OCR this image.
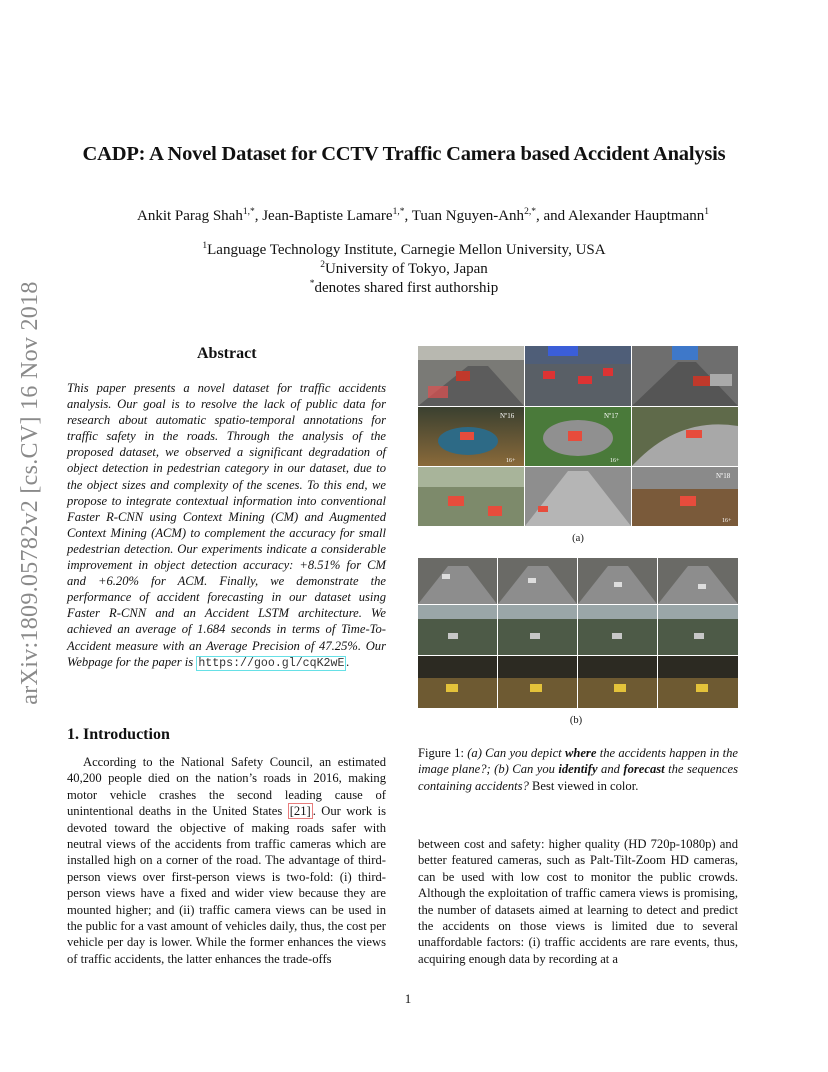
arXiv:1809.05782v2 [cs.CV] 16 Nov 2018
CADP: A Novel Dataset for CCTV Traffic Camera based Accident Analysis
Ankit Parag Shah$^{1,*}$, Jean-Baptiste Lamare$^{1,*}$, Tuan Nguyen-Anh$^{2,*}$, and Alexander Hauptmann$^1$
$^1$Language Technology Institute, Carnegie Mellon University, USA
$^2$University of Tokyo, Japan
*denotes shared first authorship
Abstract
This paper presents a novel dataset for traffic accidents analysis. Our goal is to resolve the lack of public data for research about automatic spatio-temporal annotations for traffic safety in the roads. Through the analysis of the proposed dataset, we observed a significant degradation of object detection in pedestrian category in our dataset, due to the object sizes and complexity of the scenes. To this end, we propose to integrate contextual information into conventional Faster R-CNN using Context Mining (CM) and Augmented Context Mining (ACM) to complement the accuracy for small pedestrian detection. Our experiments indicate a considerable improvement in object detection accuracy: +8.51% for CM and +6.20% for ACM. Finally, we demonstrate the performance of accident forecasting in our dataset using Faster R-CNN and an Accident LSTM architecture. We achieved an average of 1.684 seconds in terms of Time-To-Accident measure with an Average Precision of 47.25%. Our Webpage for the paper is https://goo.gl/cqK2wE .
1. Introduction

According to the National Safety Council, an estimated 40,200 people died on the nation’s roads in 2016, making motor vehicle crashes the second leading cause of unintentional deaths in the United States [21] . Our work is devoted toward the objective of making roads safer with neutral views of the accidents from traffic cameras which are installed high on a corner of the road. The advantage of third-person views over first-person views is two-fold: (i) third-person views have a fixed and wider view because they are mounted higher; and (ii) traffic camera views can be used in the public for a vast amount of vehicles daily, thus, the cost per vehicle per day is lower. While the former enhances the views of traffic accidents, the latter enhances the trade-offs

Nº16
16+
Nº17
16+
Nº18
16+
(a)
(b)
Figure 1: (a) Can you depict where the accidents happen in the image plane?; (b) Can you identify and forecast the sequences containing accidents? Best viewed in color.

between cost and safety: higher quality (HD 720p-1080p) and better featured cameras, such as Palt-Tilt-Zoom HD cameras, can be used with low cost to monitor the public crowds. Although the exploitation of traffic camera views is promising, the number of datasets aimed at learning to detect and predict the accidents on those views is limited due to several unaffordable factors: (i) traffic accidents are rare events, thus, acquiring enough data by recording at a

1
